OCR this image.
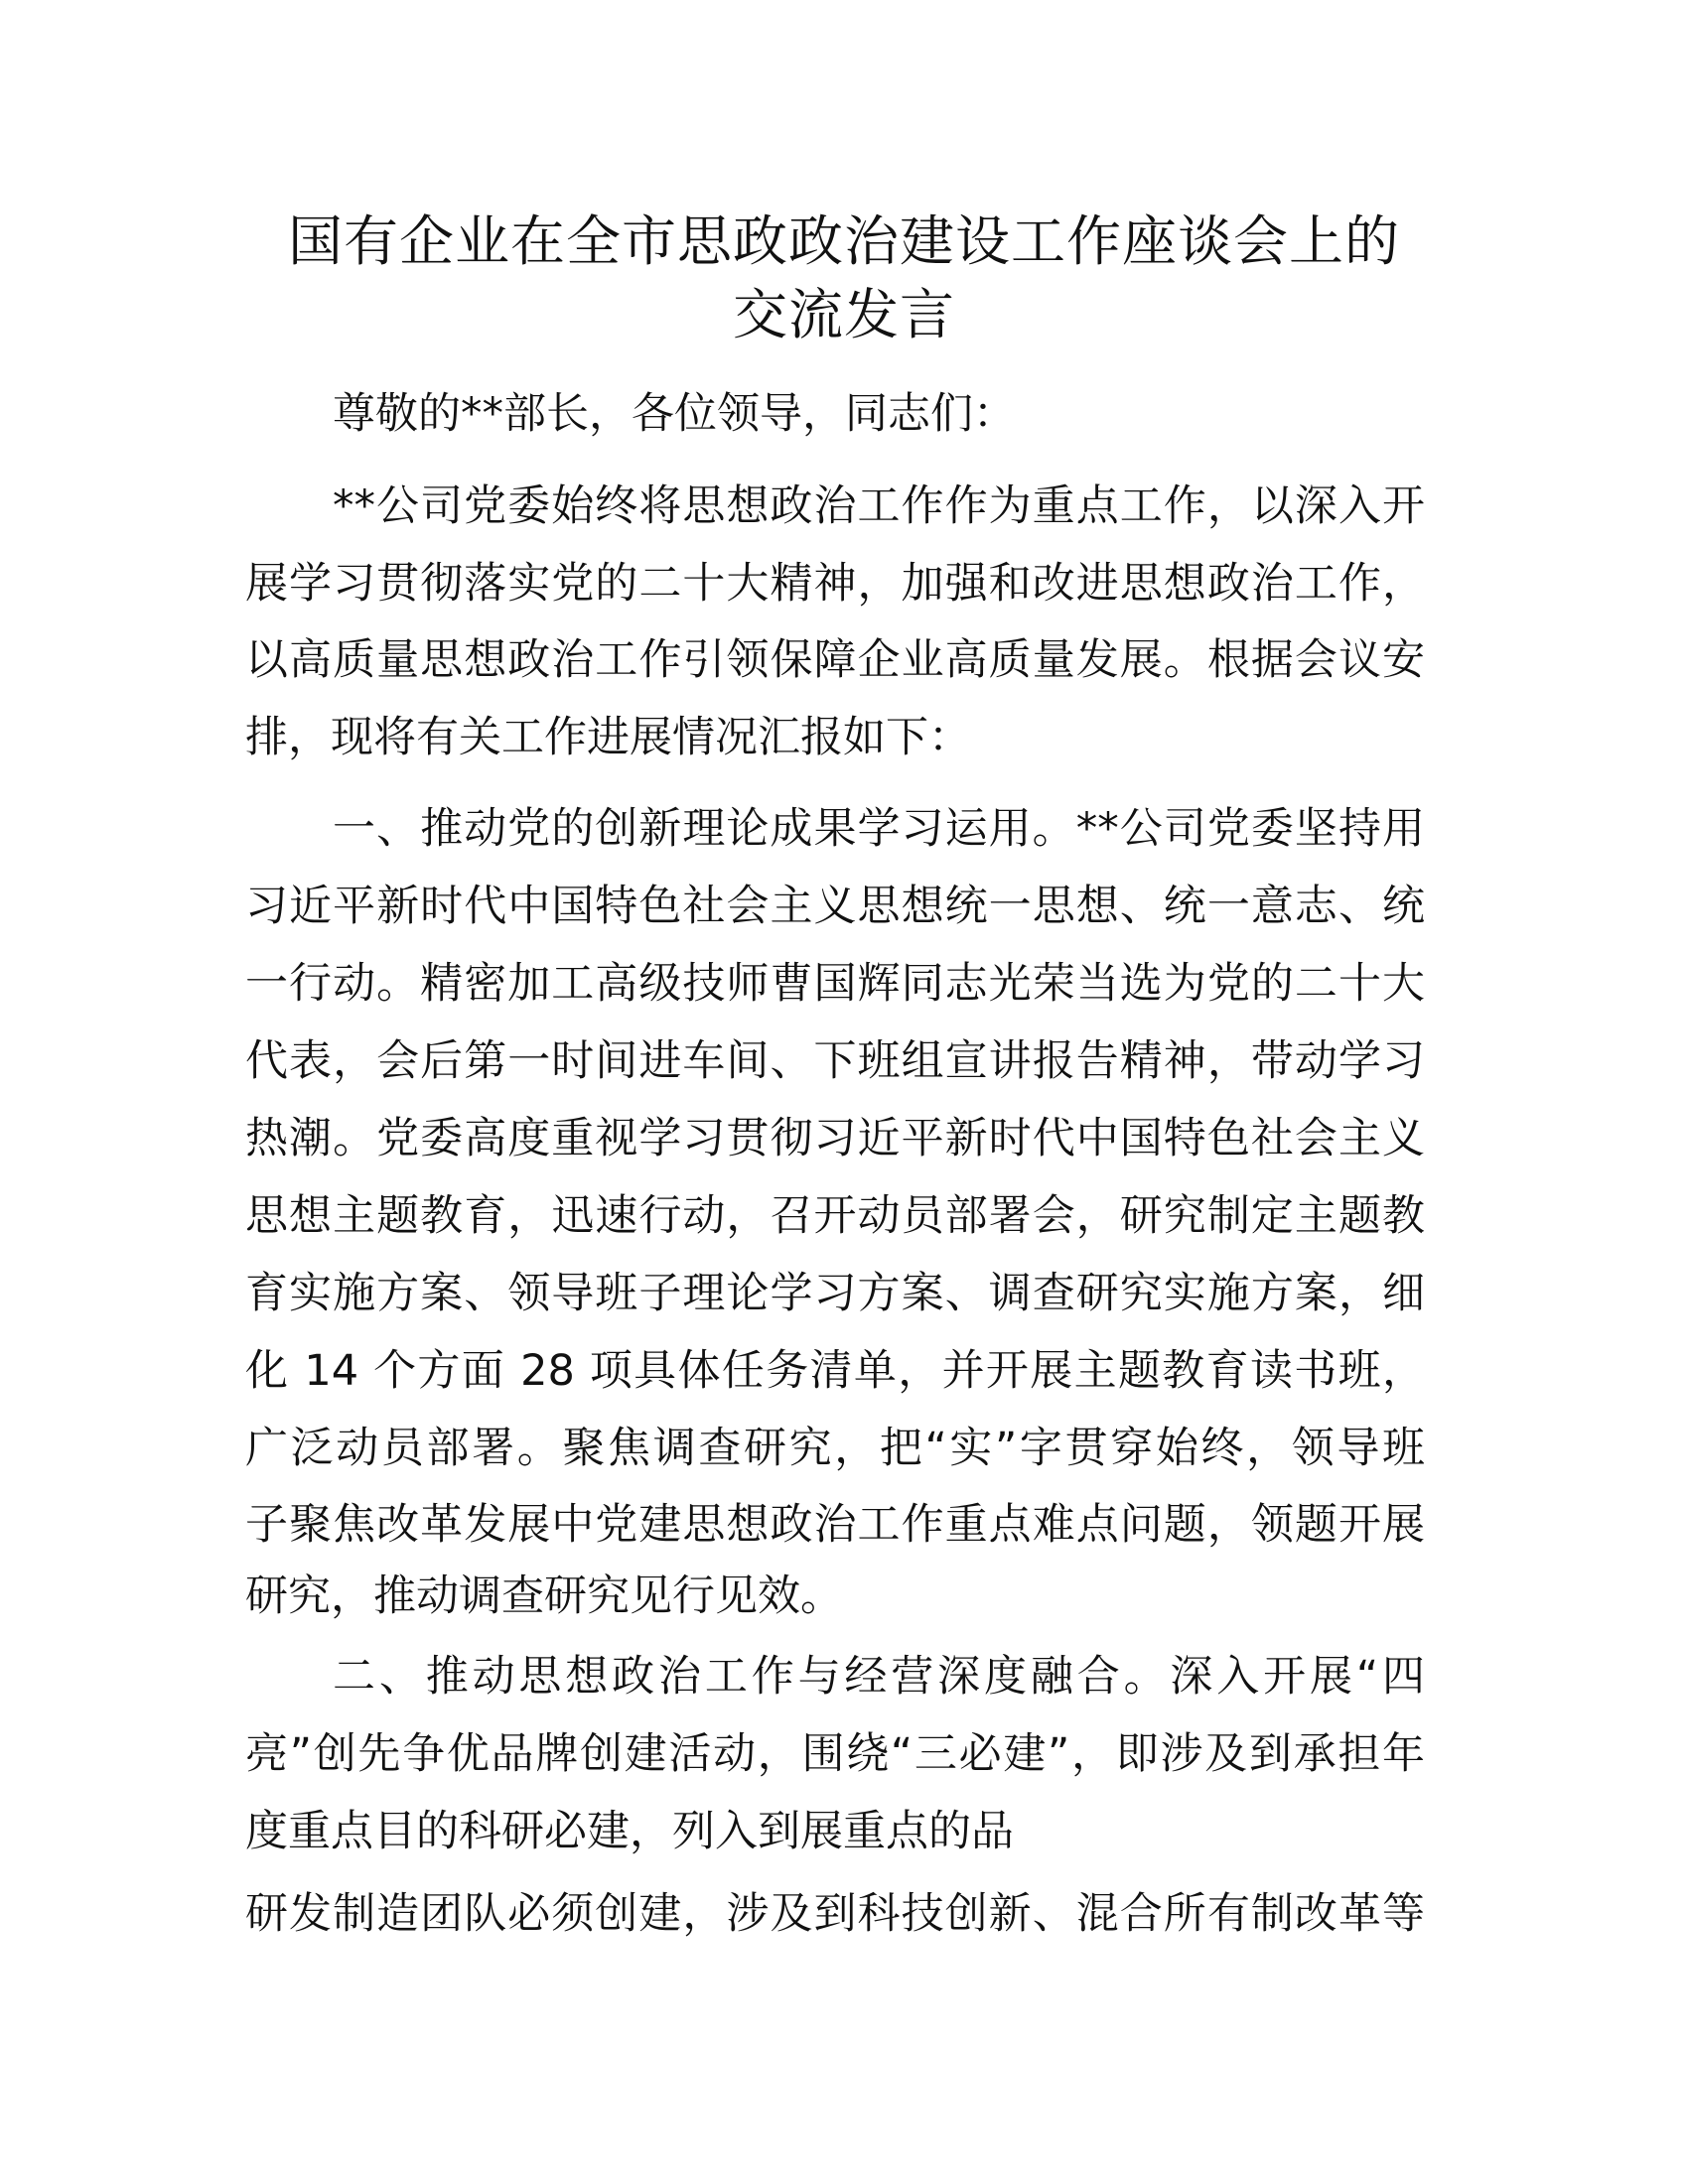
国有企业在全市思政政治建设工作座谈会上的
交流发言
尊敬的**部长，各位领导，同志们：
**公司党委始终将思想政治工作作为重点工作，以深入开
展学习贯彻落实党的二十大精神，加强和改进思想政治工作，
以高质量思想政治工作引领保障企业高质量发展。根据会议安
排，现将有关工作进展情况汇报如下：
一、推动党的创新理论成果学习运用。**公司党委坚持用
习近平新时代中国特色社会主义思想统一思想、统一意志、统
一行动。精密加工高级技师曹国辉同志光荣当选为党的二十大
代表，会后第一时间进车间、下班组宣讲报告精神，带动学习
热潮。党委高度重视学习贯彻习近平新时代中国特色社会主义
思想主题教育，迅速行动，召开动员部署会，研究制定主题教
育实施方案、领导班子理论学习方案、调查研究实施方案，细
化 14 个方面 28 项具体任务清单，并开展主题教育读书班，
广泛动员部署。聚焦调查研究，把“实”字贯穿始终，领导班
子聚焦改革发展中党建思想政治工作重点难点问题，领题开展
研究，推动调查研究见行见效。
二、推动思想政治工作与经营深度融合。深入开展“四
亮”创先争优品牌创建活动，围绕“三必建”，即涉及到承担年
度重点目的科研必建，列入到展重点的品
研发制造团队必须创建，涉及到科技创新、混合所有制改革等
